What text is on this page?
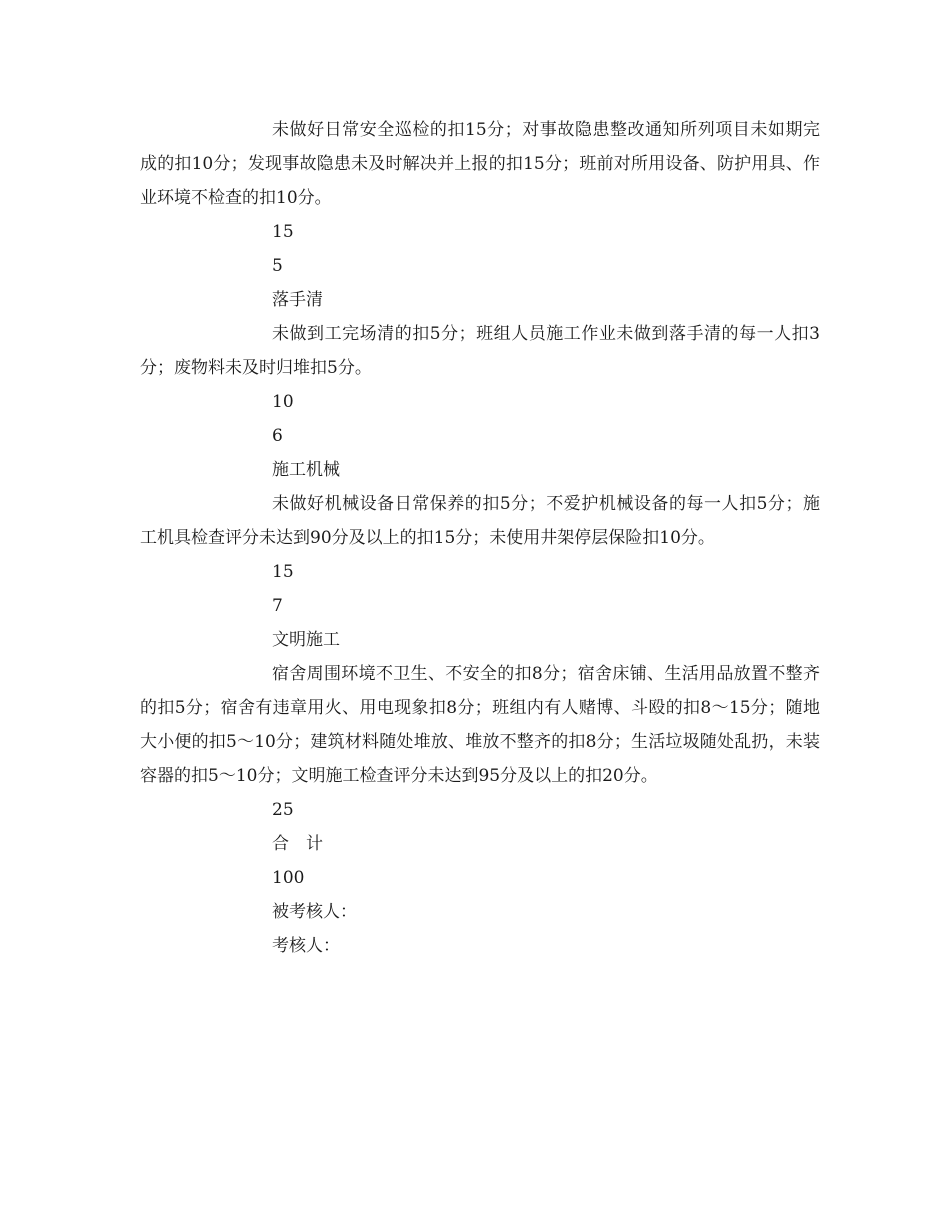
未做好日常安全巡检的扣15分；对事故隐患整改通知所列项目未如期完成的扣10分；发现事故隐患未及时解决并上报的扣15分；班前对所用设备、防护用具、作业环境不检查的扣10分。

15

5

落手清

未做到工完场清的扣5分；班组人员施工作业未做到落手清的每一人扣3分；废物料未及时归堆扣5分。

10

6

施工机械

未做好机械设备日常保养的扣5分；不爱护机械设备的每一人扣5分；施工机具检查评分未达到90分及以上的扣15分；未使用井架停层保险扣10分。

15

7

文明施工

宿舍周围环境不卫生、不安全的扣8分；宿舍床铺、生活用品放置不整齐的扣5分；宿舍有违章用火、用电现象扣8分；班组内有人赌博、斗殴的扣8～15分；随地大小便的扣5～10分；建筑材料随处堆放、堆放不整齐的扣8分；生活垃圾随处乱扔，未装容器的扣5～10分；文明施工检查评分未达到95分及以上的扣20分。

25

合　计

100

被考核人：

考核人：
